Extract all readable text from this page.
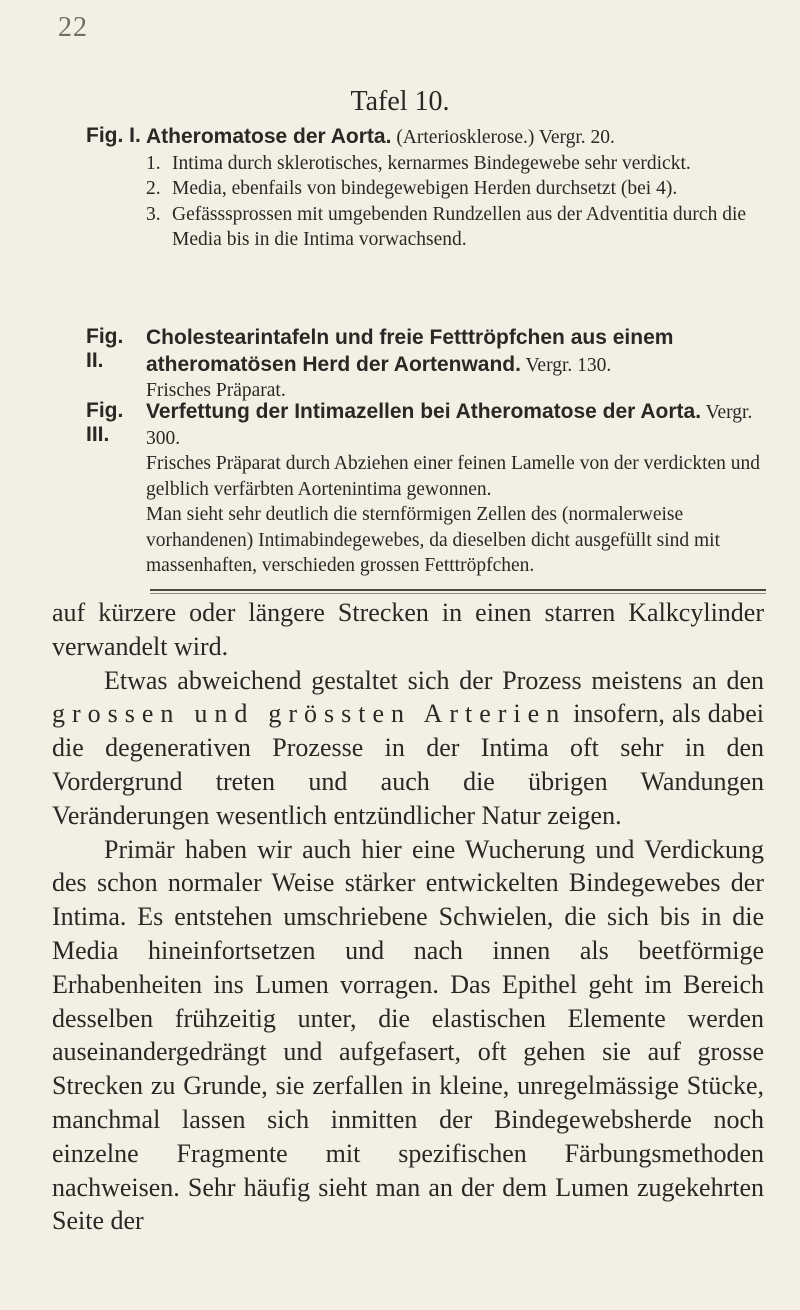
22
Tafel 10.
Fig. I. Atheromatose der Aorta. (Arteriosklerose.) Vergr. 20.
1. Intima durch sklerotisches, kernarmes Bindegewebe sehr verdickt.
2. Media, ebenfails von bindegewebigen Herden durchsetzt (bei 4).
3. Gefässsprossen mit umgebenden Rundzellen aus der Adventitia durch die Media bis in die Intima vorwachsend.
Fig. II.
Cholestearintafeln und freie Fetttröpfchen aus einem atheromatösen Herd der Aortenwand. Vergr. 130.
Frisches Präparat.
Fig. III.
Verfettung der Intimazellen bei Atheromatose der Aorta. Vergr. 300.
Frisches Präparat durch Abziehen einer feinen Lamelle von der verdickten und gelblich verfärbten Aortenintima gewonnen.
Man sieht sehr deutlich die sternförmigen Zellen des (normalerweise vorhandenen) Intimabindegewebes, da dieselben dicht ausgefüllt sind mit massenhaften, verschieden grossen Fetttröpfchen.

auf kürzere oder längere Strecken in einen starren Kalkcylinder verwandelt wird.

Etwas abweichend gestaltet sich der Prozess meistens an den grossen und grössten Arterien insofern, als dabei die degenerativen Prozesse in der Intima oft sehr in den Vordergrund treten und auch die übrigen Wandungen Veränderungen wesentlich entzündlicher Natur zeigen.

Primär haben wir auch hier eine Wucherung und Verdickung des schon normaler Weise stärker entwickelten Bindegewebes der Intima. Es entstehen umschriebene Schwielen, die sich bis in die Media hineinfortsetzen und nach innen als beetförmige Erhabenheiten ins Lumen vorragen. Das Epithel geht im Bereich desselben frühzeitig unter, die elastischen Elemente werden auseinandergedrängt und aufgefasert, oft gehen sie auf grosse Strecken zu Grunde, sie zerfallen in kleine, unregelmässige Stücke, manchmal lassen sich inmitten der Bindegewebsherde noch einzelne Fragmente mit spezifischen Färbungsmethoden nachweisen. Sehr häufig sieht man an der dem Lumen zugekehrten Seite der
